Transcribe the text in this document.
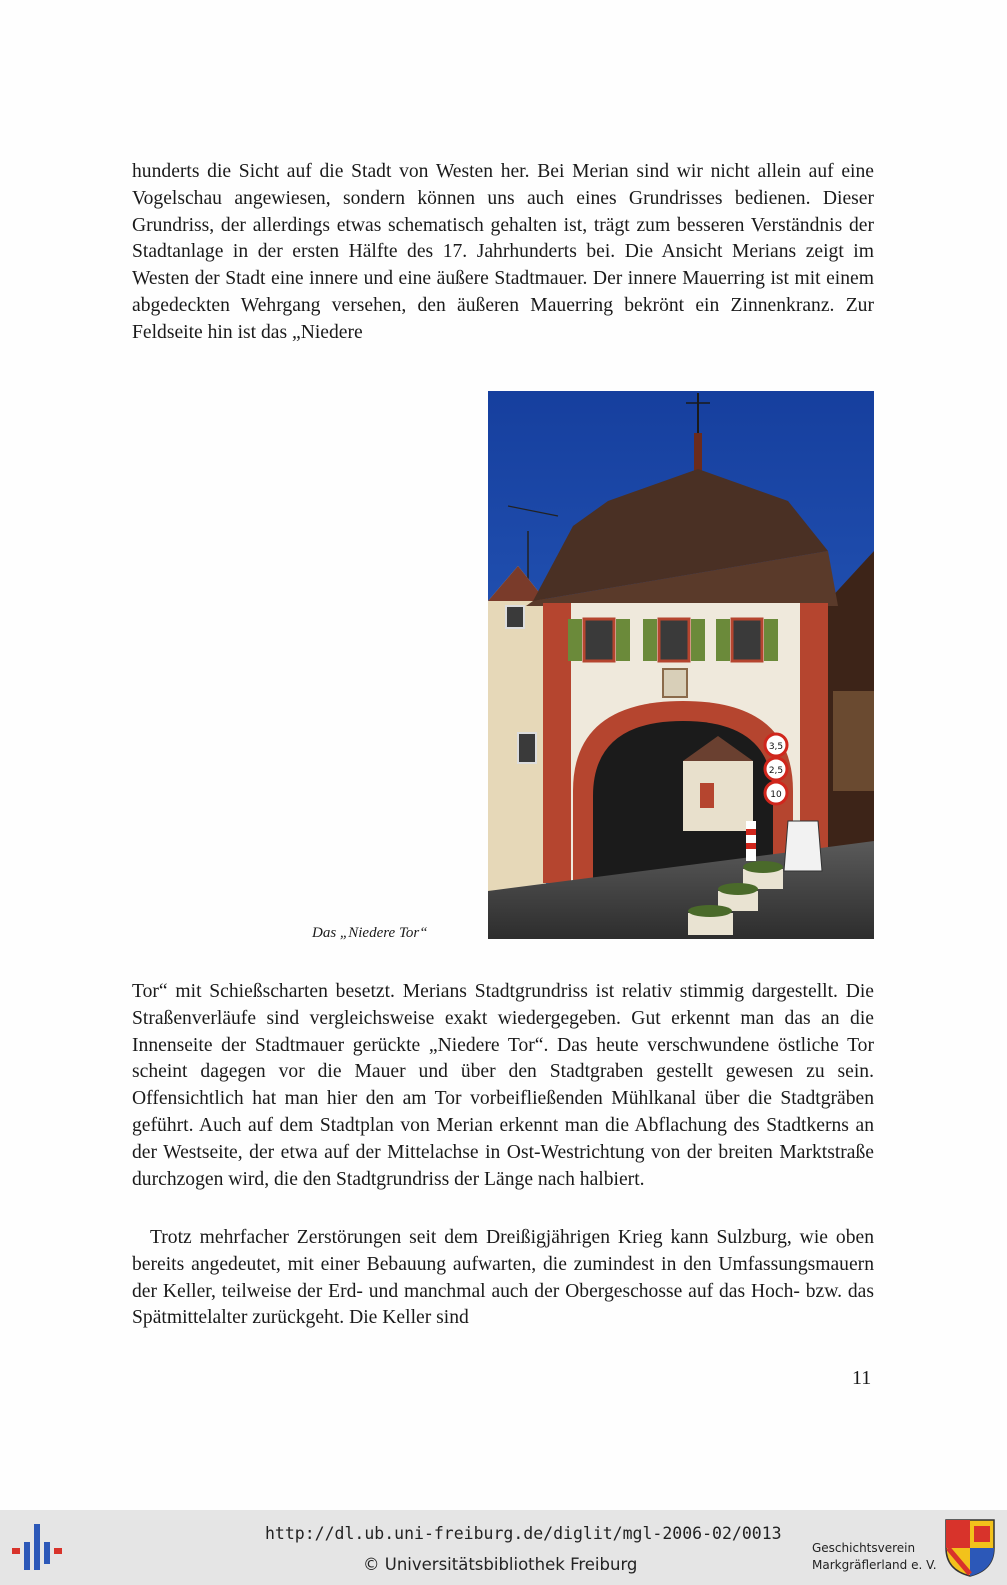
hunderts die Sicht auf die Stadt von Westen her. Bei Merian sind wir nicht allein auf eine Vogelschau angewiesen, sondern können uns auch eines Grundrisses bedienen. Dieser Grundriss, der allerdings etwas schematisch gehalten ist, trägt zum besseren Verständnis der Stadtanlage in der ersten Hälfte des 17. Jahrhunderts bei. Die Ansicht Merians zeigt im Westen der Stadt eine innere und eine äußere Stadtmauer. Der innere Mauerring ist mit einem abgedeckten Wehrgang versehen, den äußeren Mauerring bekrönt ein Zinnenkranz. Zur Feldseite hin ist das „Niedere

3,5
2,5
10

Das „Niedere Tor“

Tor“ mit Schießscharten besetzt. Merians Stadtgrundriss ist relativ stimmig dargestellt. Die Straßenverläufe sind vergleichsweise exakt wiedergegeben. Gut erkennt man das an die Innenseite der Stadtmauer gerückte „Niedere Tor“. Das heute verschwundene östliche Tor scheint dagegen vor die Mauer und über den Stadtgraben gestellt gewesen zu sein. Offensichtlich hat man hier den am Tor vorbeifließenden Mühlkanal über die Stadtgräben geführt. Auch auf dem Stadtplan von Merian erkennt man die Abflachung des Stadtkerns an der Westseite, der etwa auf der Mittelachse in Ost-Westrichtung von der breiten Marktstraße durchzogen wird, die den Stadtgrundriss der Länge nach halbiert.

Trotz mehrfacher Zerstörungen seit dem Dreißigjährigen Krieg kann Sulzburg, wie oben bereits angedeutet, mit einer Bebauung aufwarten, die zumindest in den Umfassungsmauern der Keller, teilweise der Erd- und manchmal auch der Obergeschosse auf das Hoch- bzw. das Spätmittelalter zurückgeht. Die Keller sind

11
http://dl.ub.uni-freiburg.de/diglit/mgl-2006-02/0013
© Universitätsbibliothek Freiburg
Geschichtsverein
Markgräflerland e. V.
